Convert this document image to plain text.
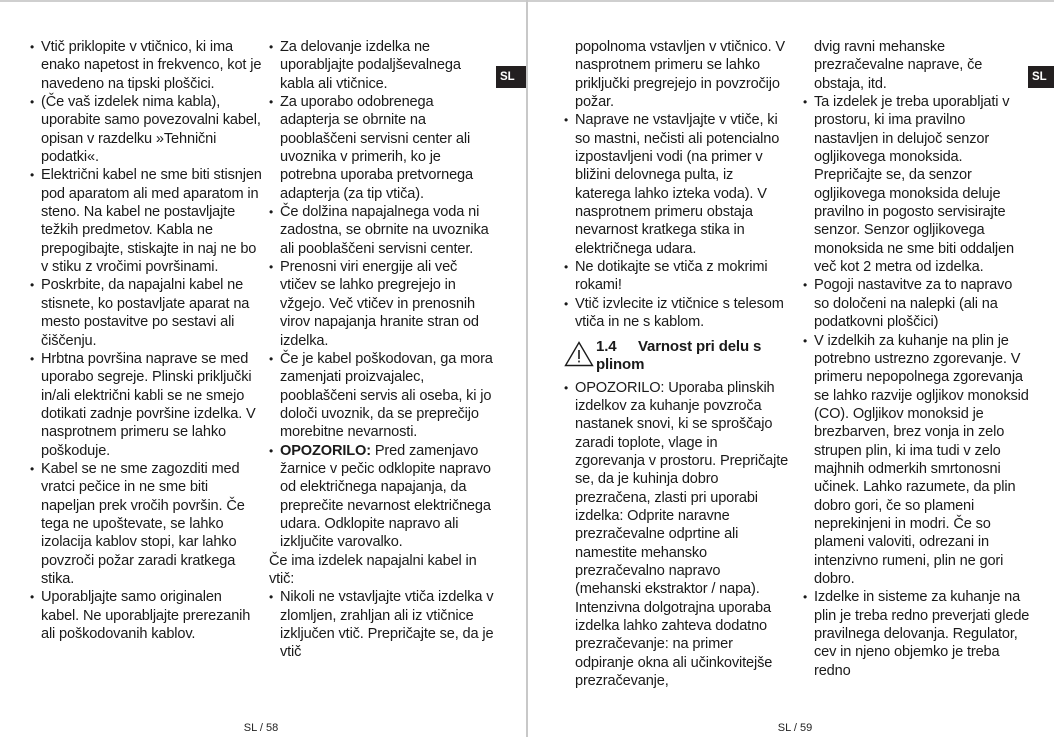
• Vtič priklopite v vtičnico, ki ima enako napetost in frekvenco, kot je navedeno na tipski ploščici.
• (Če vaš izdelek nima kabla), uporabite samo povezovalni kabel, opisan v razdelku »Tehnični podatki«.
• Električni kabel ne sme biti stisnjen pod aparatom ali med aparatom in steno. Na kabel ne postavljajte težkih predmetov. Kabla ne prepogibajte, stiskajte in naj ne bo v stiku z vročimi površinami.
• Poskrbite, da napajalni kabel ne stisnete, ko postavljate aparat na mesto postavitve po sestavi ali čiščenju.
• Hrbtna površina naprave se med uporabo segreje. Plinski priključki in/ali električni kabli se ne smejo dotikati zadnje površine izdelka. V nasprotnem primeru se lahko poškoduje.
• Kabel se ne sme zagozditi med vratci pečice in ne sme biti napeljan prek vročih površin. Če tega ne upoštevate, se lahko izolacija kablov stopi, kar lahko povzroči požar zaradi kratkega stika.
• Uporabljajte samo originalen kabel. Ne uporabljajte prerezanih ali poškodovanih kablov.
• Za delovanje izdelka ne uporabljajte podaljševalnega kabla ali vtičnice.
• Za uporabo odobrenega adapterja se obrnite na pooblaščeni servisni center ali uvoznika v primerih, ko je potrebna uporaba pretvornega adapterja (za tip vtiča).
• Če dolžina napajalnega voda ni zadostna, se obrnite na uvoznika ali pooblaščeni servisni center.
• Prenosni viri energije ali več vtičev se lahko pregrejejo in vžgejo. Več vtičev in prenosnih virov napajanja hranite stran od izdelka.
• Če je kabel poškodovan, ga mora zamenjati proizvajalec, pooblaščeni servis ali oseba, ki jo določi uvoznik, da se preprečijo morebitne nevarnosti.
• OPOZORILO: Pred zamenjavo žarnice v pečic odklopite napravo od električnega napajanja, da preprečite nevarnost električnega udara. Odklopite napravo ali izključite varovalko.

Če ima izdelek napajalni kabel in vtič:

• Nikoli ne vstavljajte vtiča izdelka v zlomljen, zrahljan ali iz vtičnice izključen vtič. Prepričajte se, da je vtič
SL
SL / 58

popolnoma vstavljen v vtičnico. V nasprotnem primeru se lahko priključki pregrejejo in povzročijo požar.

• Naprave ne vstavljajte v vtiče, ki so mastni, nečisti ali potencialno izpostavljeni vodi (na primer v bližini delovnega pulta, iz katerega lahko izteka voda). V nasprotnem primeru obstaja nevarnost kratkega stika in električnega udara.
• Ne dotikajte se vtiča z mokrimi rokami!
• Vtič izvlecite iz vtičnice s telesom vtiča in ne s kablom.
1.4 Varnost pri delu s
plinom
• OPOZORILO: Uporaba plinskih izdelkov za kuhanje povzroča nastanek snovi, ki se sproščajo zaradi toplote, vlage in zgorevanja v prostoru. Prepričajte se, da je kuhinja dobro prezračena, zlasti pri uporabi izdelka: Odprite naravne prezračevalne odprtine ali namestite mehansko prezračevalno napravo (mehanski ekstraktor / napa). Intenzivna dolgotrajna uporaba izdelka lahko zahteva dodatno prezračevanje: na primer odpiranje okna ali učinkovitejše prezračevanje,

dvig ravni mehanske prezračevalne naprave, če obstaja, itd.

• Ta izdelek je treba uporabljati v prostoru, ki ima pravilno nastavljen in delujoč senzor ogljikovega monoksida. Prepričajte se, da senzor ogljikovega monoksida deluje pravilno in pogosto servisirajte senzor. Senzor ogljikovega monoksida ne sme biti oddaljen več kot 2 metra od izdelka.
• Pogoji nastavitve za to napravo so določeni na nalepki (ali na podatkovni ploščici)
• V izdelkih za kuhanje na plin je potrebno ustrezno zgorevanje. V primeru nepopolnega zgorevanja se lahko razvije ogljikov monoksid (CO). Ogljikov monoksid je brezbarven, brez vonja in zelo strupen plin, ki ima tudi v zelo majhnih odmerkih smrtonosni učinek. Lahko razumete, da plin dobro gori, če so plameni neprekinjeni in modri. Če so plameni valoviti, odrezani in intenzivno rumeni, plin ne gori dobro.
• Izdelke in sisteme za kuhanje na plin je treba redno preverjati glede pravilnega delovanja. Regulator, cev in njeno objemko je treba redno
SL
SL / 59
